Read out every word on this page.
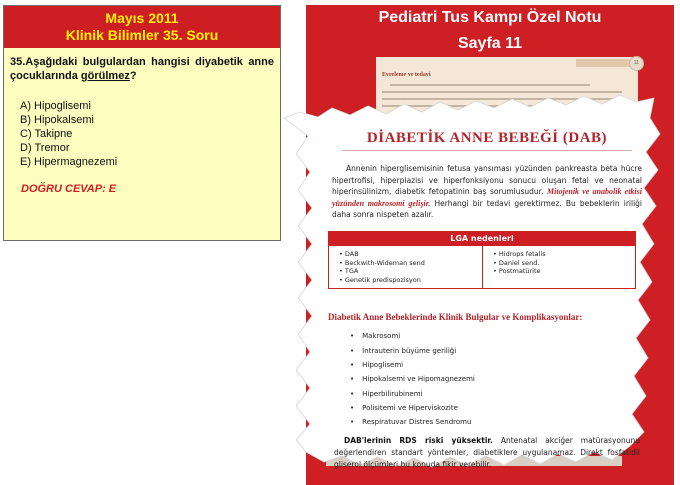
Mayıs 2011
Klinik Bilimler 35. Soru
35.Aşağıdaki bulgulardan hangisi diyabetik anne çocuklarında görülmez?
A) Hipoglisemi
B) Hipokalsemi
C) Takipne
D) Tremor
E) Hipermagnezemi
DOĞRU CEVAP: E
Pediatri Tus Kampı Özel Notu
Sayfa 11
11
Evreleme ve tedavi
DİABETİK ANNE BEBEĞİ (DAB)
Annenin hiperglisemisinin fetusa yansıması yüzünden pankreasta beta hücre hipertrofisi, hiperplazisi ve hiperfonksiyonu sonucu oluşan fetal ve neonatal hiperinsülinizm, diabetik fetopatinin baş sorumlusudur. Mitojenik ve anabolik etkisi yüzünden makrosomi gelişir. Herhangi bir tedavi gerektirmez. Bu bebeklerin iriliği daha sonra nispeten azalır.
LGA nedenleri
• DAB
• Beckwith-Wideman send
• TGA
• Genetik predispozisyon
• Hidrops fetalis
• Daniel send.
• Postmatürite
Diabetik Anne Bebeklerinde Klinik Bulgular ve Komplikasyonlar:
• Makrosomi
• İntrauterin büyüme geriliği
• Hipoglisemi
• Hipokalsemi ve Hipomagnezemi
• Hiperbilirubinemi
• Polisitemi ve Hiperviskozite
• Respiratuvar Distres Sendromu
DAB'lerinin RDS riski yüksektir. Antenatal akciğer matürasyonunu değerlendiren standart yöntemler, diabetiklere uygulanamaz. Direkt fosfatidil gliserol ölçümleri bu konuda fikir verebilir.
